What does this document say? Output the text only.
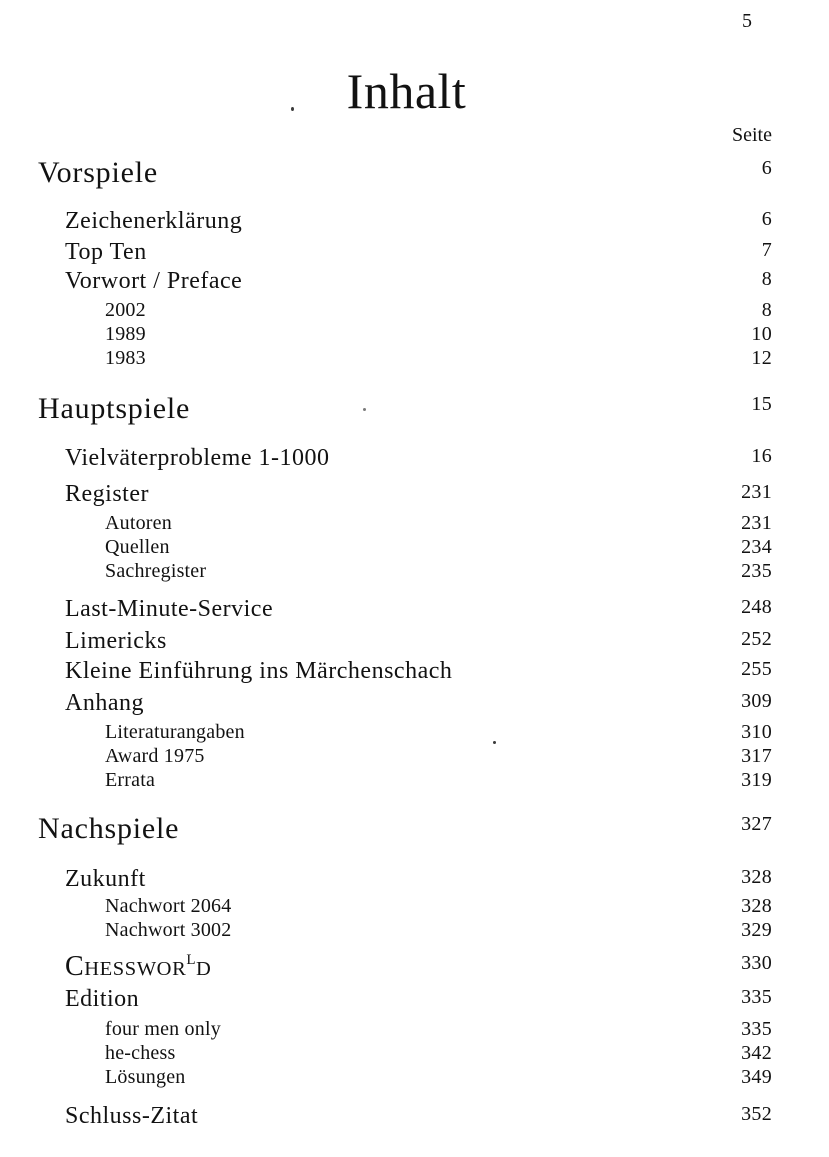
5
Inhalt
Seite
Vorspiele	6
Zeichenerklärung	6
Top Ten	7
Vorwort / Preface	8
2002	8
1989	10
1983	12
Hauptspiele	15
Vielväterprobleme 1-1000	16
Register	231
Autoren	231
Quellen	234
Sachregister	235
Last-Minute-Service	248
Limericks	252
Kleine Einführung ins Märchenschach	255
Anhang	309
Literaturangaben	310
Award 1975	317
Errata	319
Nachspiele	327
Zukunft	328
Nachwort 2064	328
Nachwort 3002	329
$CHESSWOR^LD$	330
Edition	335
four men only	335
he-chess	342
Lösungen	349
Schluss-Zitat	352
